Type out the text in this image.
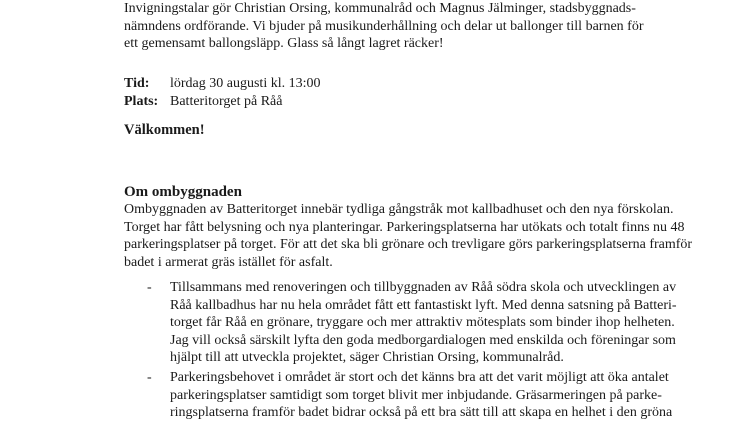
Invigningstalar gör Christian Orsing, kommunalråd och Magnus Jälminger, stadsbyggnads-
nämndens ordförande. Vi bjuder på musikunderhållning och delar ut ballonger till barnen för
ett gemensamt ballongsläpp. Glass så långt lagret räcker!
Tid:	lördag 30 augusti kl. 13:00
Plats: Batteritorget på Råå
Välkommen!
Om ombyggnaden
Ombyggnaden av Batteritorget innebär tydliga gångstråk mot kallbadhuset och den nya förskolan.
Torget har fått belysning och nya planteringar. Parkeringsplatserna har utökats och totalt finns nu 48
parkeringsplatser på torget. För att det ska bli grönare och trevligare görs parkeringsplatserna framför
badet i armerat gräs istället för asfalt.
-	Tillsammans med renoveringen och tillbyggnaden av Råå södra skola och utvecklingen av
Råå kallbadhus har nu hela området fått ett fantastiskt lyft. Med denna satsning på Batteri-
torget får Råå en grönare, tryggare och mer attraktiv mötesplats som binder ihop helheten.
Jag vill också särskilt lyfta den goda medborgardialogen med enskilda och föreningar som
hjälpt till att utveckla projektet, säger Christian Orsing, kommunalråd.
-	Parkeringsbehovet i området är stort och det känns bra att det varit möjligt att öka antalet
parkeringsplatser samtidigt som torget blivit mer inbjudande. Gräsarmeringen på parke-
ringsplatserna framför badet bidrar också på ett bra sätt till att skapa en helhet i den gröna
